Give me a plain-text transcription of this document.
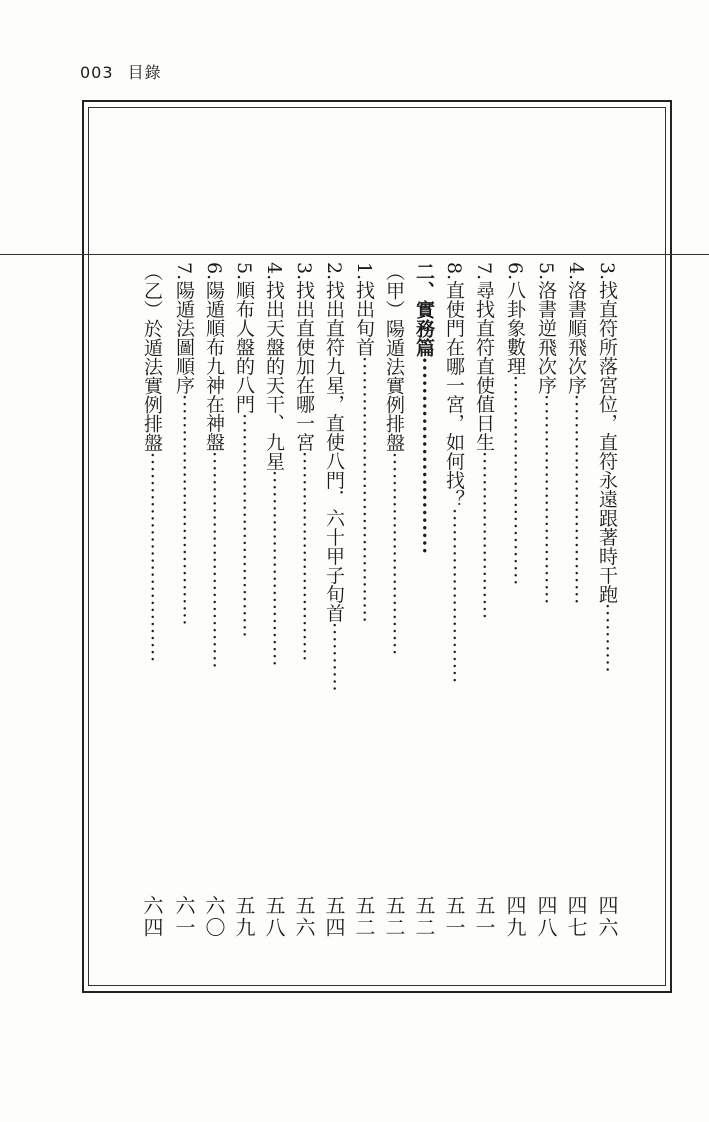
003 目錄
3.找直符所落宮位，直符永遠跟著時干跑··········
4.洛書順飛次序······························
5.洛書逆飛次序······························
6.八卦象數理······························
7.尋找直符直使值日生························
8.直使門在哪一宮，如何找？·························
二、實務篇··························
（甲）陽遁法實例排盤·····························
1.找出旬首······································
2.找出直符九星，直使八門．六十甲子旬首··········
3.找出直使加在哪一宮······························
4.找出天盤的天干、九星····························
5.順布人盤的八門································
6.陽遁順布九神在神盤·······························
7.陽遁法圖順序·································
（乙）於遁法實例排盤······························
四六
四七
四八
四九
五一
五一
五二
五二
五二
五四
五六
五八
五九
六〇
六一
六四
